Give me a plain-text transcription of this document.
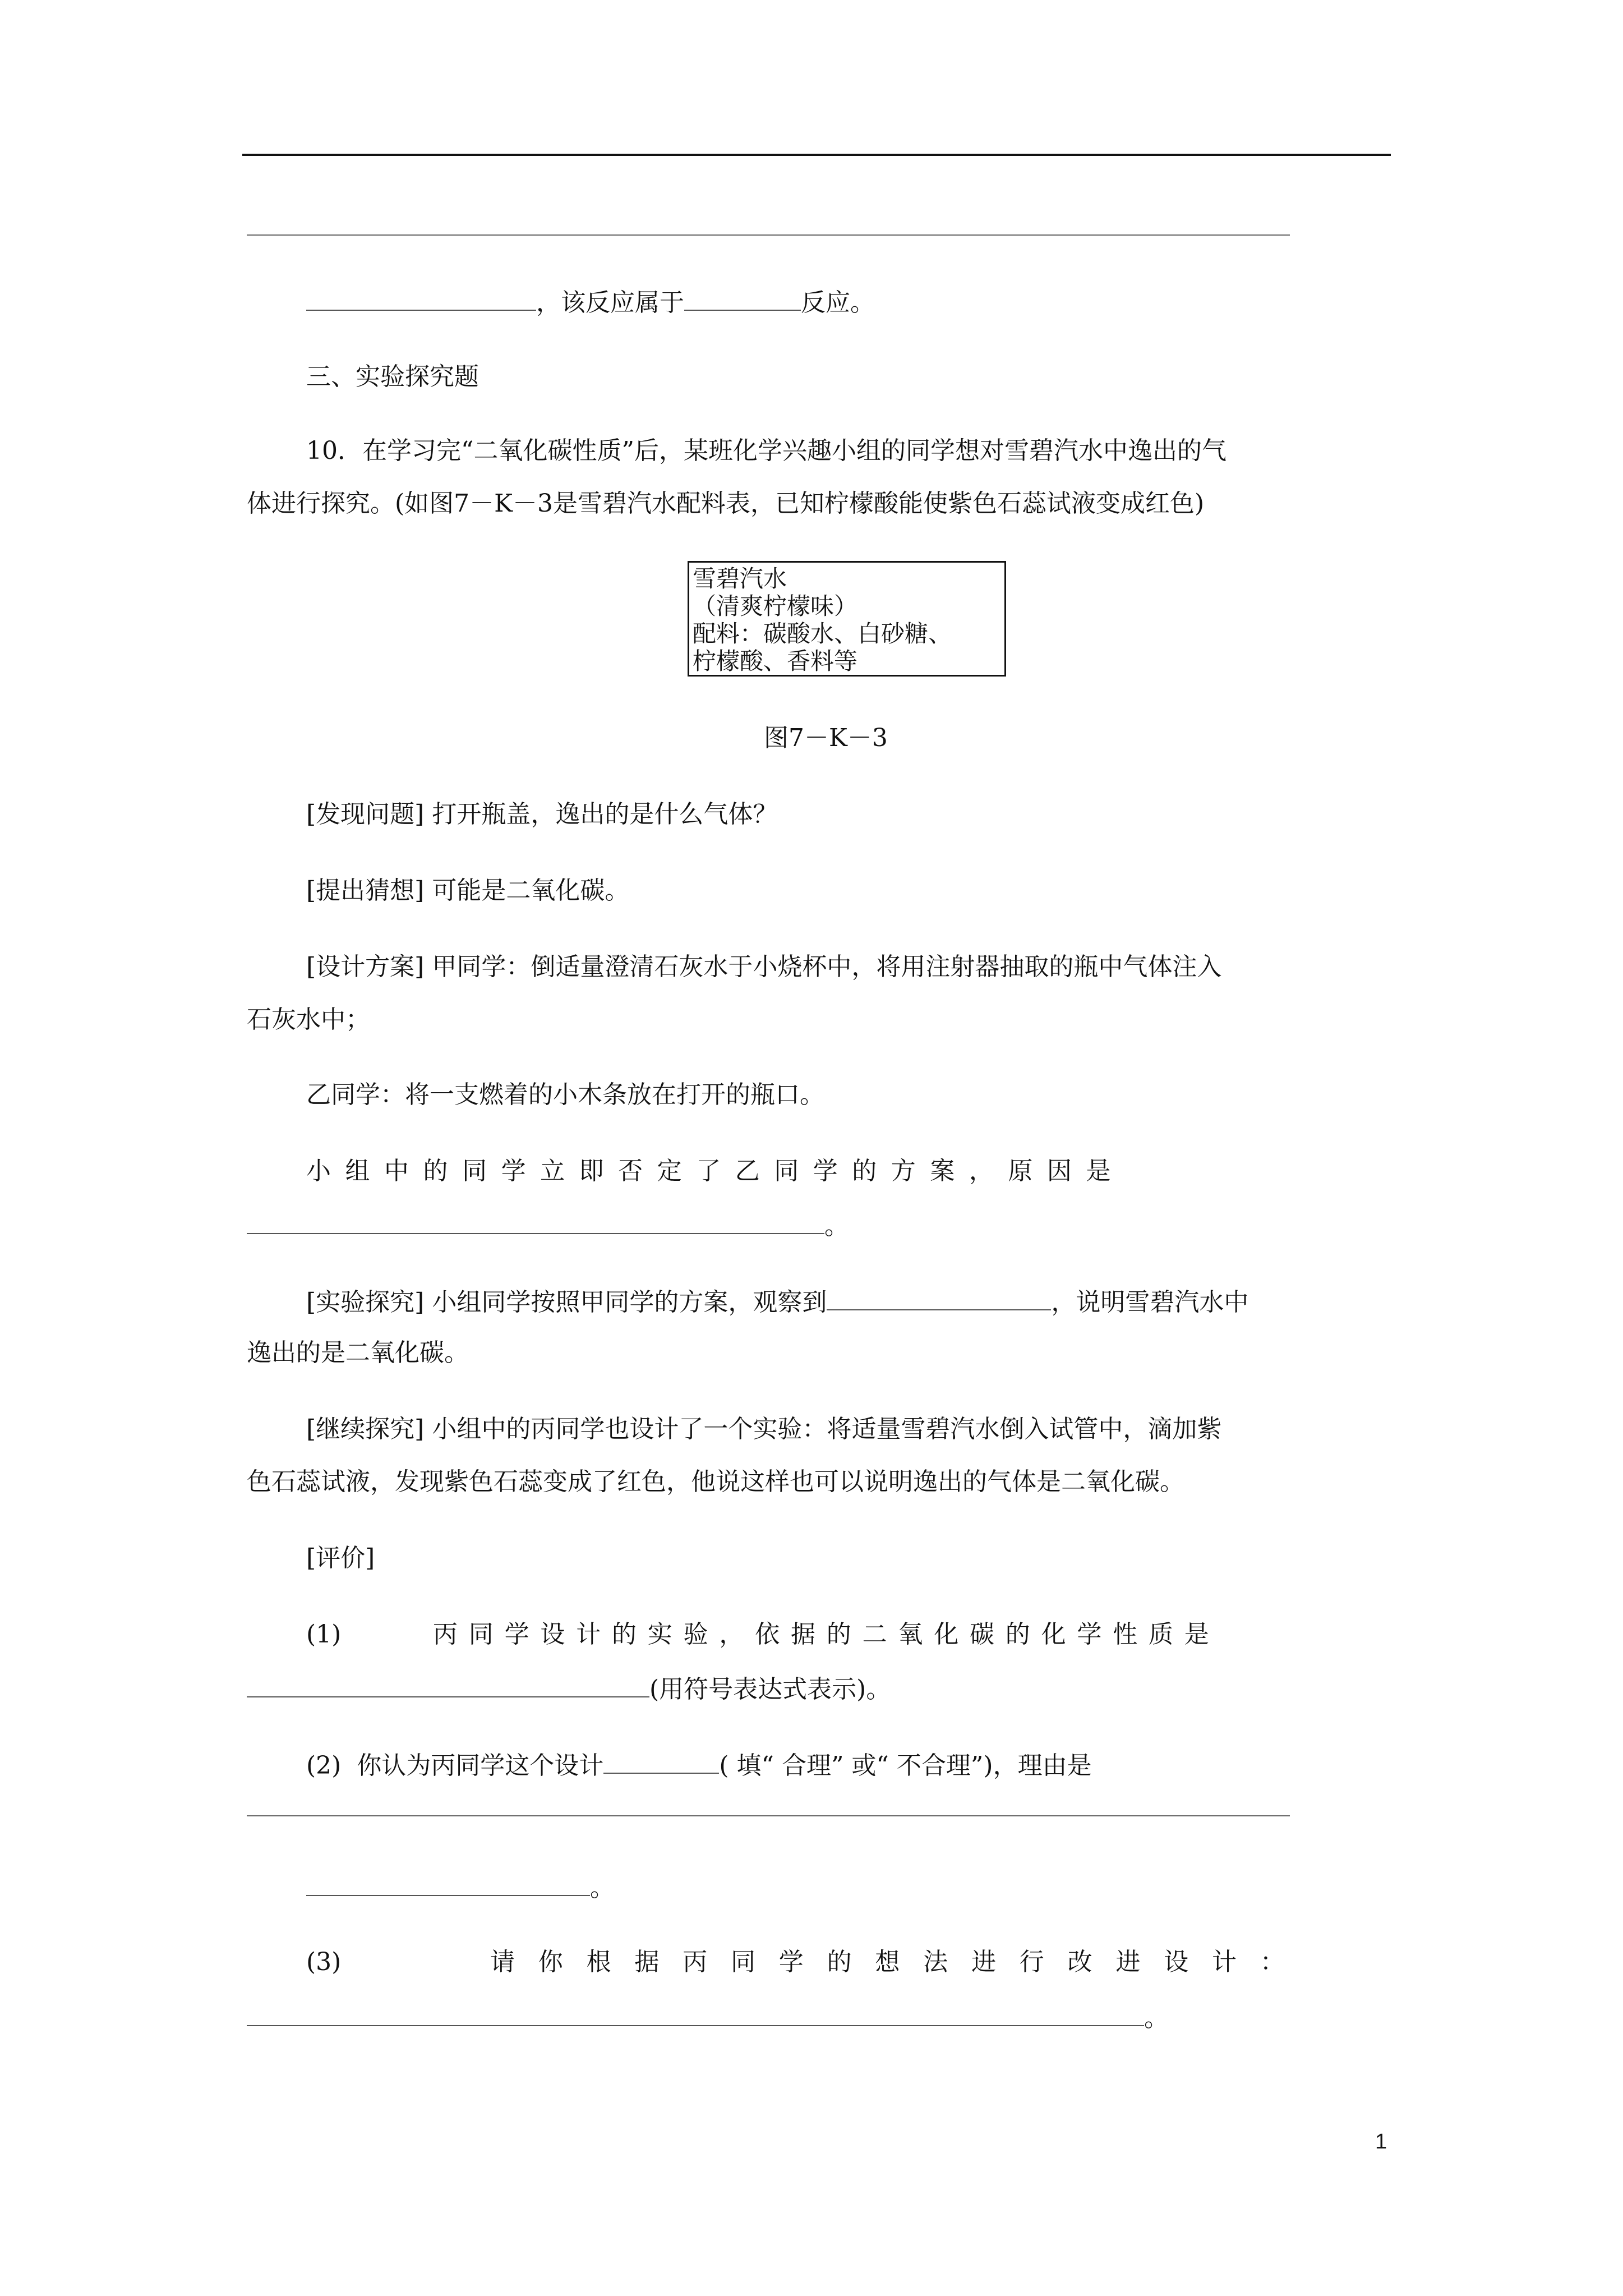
，该反应属于	反应。
三、实验探究题
10．在学习完“二氧化碳性质”后，某班化学兴趣小组的同学想对雪碧汽水中逸出的气
体进行探究。(如图7－K－3是雪碧汽水配料表，已知柠檬酸能使紫色石蕊试液变成红色)
雪碧汽水
（清爽柠檬味）
配料：碳酸水、白砂糖、
柠檬酸、香料等
图7－K－3
[发现问题] 打开瓶盖，逸出的是什么气体？
[提出猜想] 可能是二氧化碳。
[设计方案] 甲同学：倒适量澄清石灰水于小烧杯中，将用注射器抽取的瓶中气体注入
石灰水中；
乙同学：将一支燃着的小木条放在打开的瓶口。
小组中的同学立即否定了乙同学的方案，原因是
。
[实验探究] 小组同学按照甲同学的方案，观察到	，说明雪碧汽水中
逸出的是二氧化碳。
[继续探究] 小组中的丙同学也设计了一个实验：将适量雪碧汽水倒入试管中，滴加紫
色石蕊试液，发现紫色石蕊变成了红色，他说这样也可以说明逸出的气体是二氧化碳。
[评价]
(1)	丙同学设计的实验，依据的二氧化碳的化学性质是
(用符号表达式表示)。
(2) 你认为丙同学这个设计	( 填“ 合理” 或“ 不合理”)，理由是
。
(3)	请你根据丙同学的想法进行改进设计：
。
1
